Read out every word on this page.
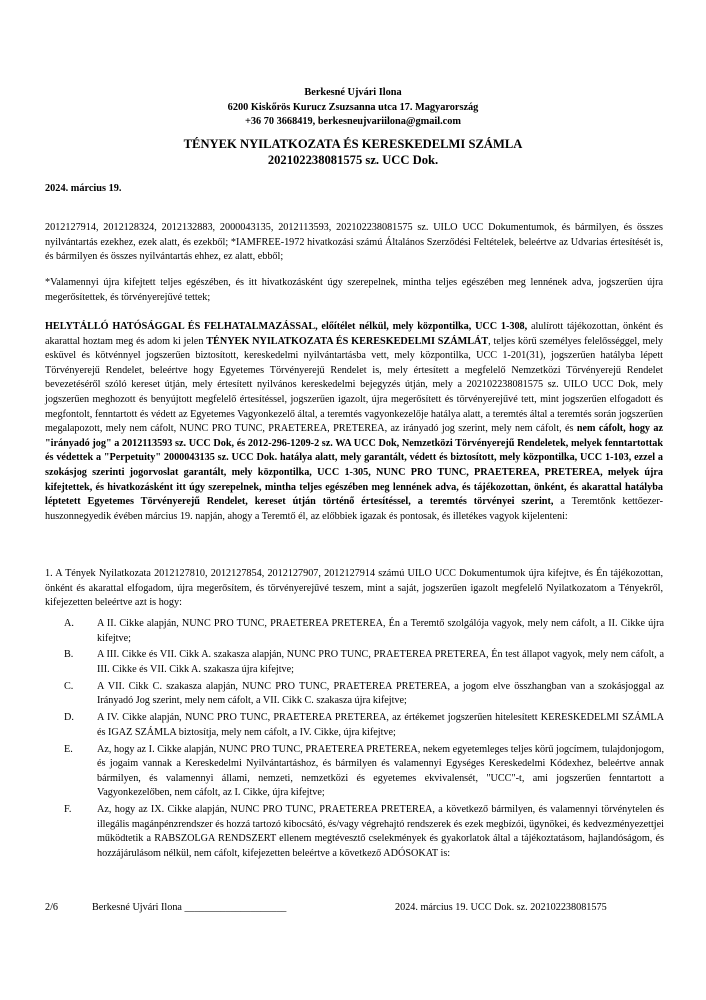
Berkesné Ujvári Ilona
6200 Kiskőrös Kurucz Zsuzsanna utca 17. Magyarország
+36 70 3668419, berkesneujvariilona@gmail.com
TÉNYEK NYILATKOZATA ÉS KERESKEDELMI SZÁMLA
202102238081575 sz. UCC Dok.
2024. március 19.

2012127914, 2012128324, 2012132883, 2000043135, 2012113593, 202102238081575 sz. UILO UCC Dokumentumok, és bármilyen, és összes nyilvántartás ezekhez, ezek alatt, és ezekből; *IAMFREE-1972 hivatkozási számú Általános Szerződési Feltételek, beleértve az Udvarias értesítését is, és bármilyen és összes nyilvántartás ehhez, ez alatt, ebből;

*Valamennyi újra kifejtett teljes egészében, és itt hivatkozásként úgy szerepelnek, mintha teljes egészében meg lennének adva, jogszerűen újra megerősítettek, és törvényerejűvé tettek;

HELYTÁLLÓ HATÓSÁGGAL ÉS FELHATALMAZÁSSAL, előítélet nélkül, mely központilka, UCC 1-308, alulírott tájékozottan, önként és akarattal hoztam meg és adom ki jelen TÉNYEK NYILATKOZATA ÉS KERESKEDELMI SZÁMLÁT, teljes körű személyes felelősséggel, mely esküvel és kötvénnyel jogszerűen biztosított, kereskedelmi nyilvántartásba vett, mely központilka, UCC 1-201(31), jogszerűen hatályba lépett Törvényerejű Rendelet, beleértve hogy Egyetemes Törvényerejű Rendelet is, mely értesített a megfelelő Nemzetközi Törvényerejű Rendelet bevezetéséről szóló kereset útján, mely értesített nyilvános kereskedelmi bejegyzés útján, mely a 202102238081575 sz. UILO UCC Dok, mely jogszerűen meghozott és benyújtott megfelelő értesítéssel, jogszerűen igazolt, újra megerősített és törvényerejűvé tett, mint jogszerűen elfogadott és megfontolt, fenntartott és védett az Egyetemes Vagyonkezelő által, a teremtés vagyonkezelője hatálya alatt, a teremtés által a teremtés során jogszerűen megalapozott, mely nem cáfolt, NUNC PRO TUNC, PRAETEREA, PRETEREA, az irányadó jog szerint, mely nem cáfolt, és nem cáfolt, hogy az "irányadó jog" a 2012113593 sz. UCC Dok, és 2012-296-1209-2 sz. WA UCC Dok, Nemzetközi Törvényerejű Rendeletek, melyek fenntartottak és védettek a "Perpetuity" 2000043135 sz. UCC Dok. hatálya alatt, mely garantált, védett és biztosított, mely központilka, UCC 1-103, ezzel a szokásjog szerinti jogorvoslat garantált, mely központilka, UCC 1-305, NUNC PRO TUNC, PRAETEREA, PRETEREA, melyek újra kifejtettek, és hivatkozásként itt úgy szerepelnek, mintha teljes egészében meg lennének adva, és tájékozottan, önként, és akarattal hatályba léptetett Egyetemes Törvényerejű Rendelet, kereset útján történő értesítéssel, a teremtés törvényei szerint, a Teremtőnk kettőezer-huszonnegyedik évében március 19. napján, ahogy a Teremtő él, az előbbiek igazak és pontosak, és illetékes vagyok kijelenteni:

1. A Tények Nyilatkozata 2012127810, 2012127854, 2012127907, 2012127914 számú UILO UCC Dokumentumok újra kifejtve, és Én tájékozottan, önként és akarattal elfogadom, újra megerősítem, és törvényerejűvé teszem, mint a saját, jogszerűen igazolt megfelelő Nyilatkozatom a Tényekről, kifejezetten beleértve azt is hogy:

A. A II. Cikke alapján, NUNC PRO TUNC, PRAETEREA PRETEREA, Én a Teremtő szolgálója vagyok, mely nem cáfolt, a II. Cikke újra kifejtve;
B. A III. Cikke és VII. Cikk A. szakasza alapján, NUNC PRO TUNC, PRAETEREA PRETEREA, Én test állapot vagyok, mely nem cáfolt, a III. Cikke és VII. Cikk A. szakasza újra kifejtve;
C. A VII. Cikk C. szakasza alapján, NUNC PRO TUNC, PRAETEREA PRETEREA, a jogom elve összhangban van a szokásjoggal az Irányadó Jog szerint, mely nem cáfolt, a VII. Cikk C. szakasza újra kifejtve;
D. A IV. Cikke alapján, NUNC PRO TUNC, PRAETEREA PRETEREA, az értékemet jogszerűen hitelesített KERESKEDELMI SZÁMLA és IGAZ SZÁMLA biztosítja, mely nem cáfolt, a IV. Cikke, újra kifejtve;
E. Az, hogy az I. Cikke alapján, NUNC PRO TUNC, PRAETEREA PRETEREA, nekem egyetemleges teljes körű jogcímem, tulajdonjogom, és jogaim vannak a Kereskedelmi Nyilvántartáshoz, és bármilyen és valamennyi Egységes Kereskedelmi Kódexhez, beleértve annak bármilyen, és valamennyi állami, nemzeti, nemzetközi és egyetemes ekvivalensét, "UCC"-t, ami jogszerűen fenntartott a Vagyonkezelőben, nem cáfolt, az I. Cikke, újra kifejtve;
F.	Az, hogy az IX. Cikke alapján, NUNC PRO TUNC, PRAETEREA PRETEREA, a következő bármilyen, és valamennyi törvénytelen és illegális magánpénzrendszer és hozzá tartozó kibocsátó, és/vagy végrehajtó rendszerek és ezek megbízói, ügynökei, és kedvezményezettjei működtetik a RABSZOLGA RENDSZERT ellenem megtévesztő cselekmények és gyakorlatok által a tájékoztatásom, hajlandóságom, és hozzájárulásom nélkül, nem cáfolt, kifejezetten beleértve a következő ADÓSOKAT is:
2/6	Berkesné Ujvári Ilona ____________________	2024. március 19. UCC Dok. sz. 202102238081575
